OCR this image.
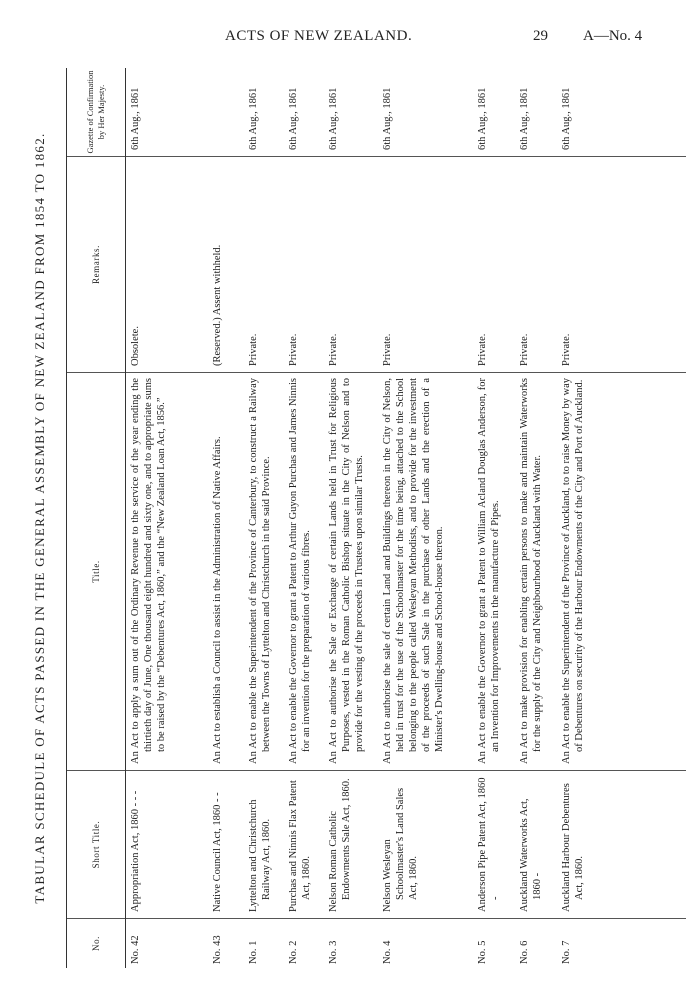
ACTS OF NEW ZEALAND.	29 A—No. 4
TABULAR SCHEDULE OF ACTS PASSED IN THE GENERAL ASSEMBLY OF NEW ZEALAND FROM 1854 TO 1862.
No.
Short Title.
Title.
Remarks.
Gazette of Confirmation by Her Majesty.
No. 42
Appropriation Act, 1860 - - -
An Act to apply a sum out of the Ordinary Revenue to the service of the year ending the thirtieth day of June, One thousand eight hundred and sixty one, and to appropriate sums to be raised by the “Debentures Act, 1860,” and the “New Zealand Loan Act, 1856.”
Obsolete.
6th Aug., 1861
No. 43
Native Council Act, 1860 - -
An Act to establish a Council to assist in the Administration of Native Affairs.
(Reserved.) Assent withheld.
No. 1
Lyttelton and Christchurch Railway Act, 1860.
An Act to enable the Superintendent of the Province of Canterbury, to construct a Railway between the Towns of Lyttelton and Christchurch in the said Province.
Private.
6th Aug., 1861
No. 2
Purchas and Ninnis Flax Patent Act, 1860.
An Act to enable the Governor to grant a Patent to Arthur Guyon Purchas and James Ninnis for an invention for the preparation of various fibres.
Private.
6th Aug., 1861
No. 3
Nelson Roman Catholic Endowments Sale Act, 1860.
An Act to authorise the Sale or Exchange of certain Lands held in Trust for Religious Purposes, vested in the Roman Catholic Bishop situate in the City of Nelson and to provide for the vesting of the proceeds in Trustees upon similar Trusts.
Private.
6th Aug., 1861
No. 4
Nelson Wesleyan Schoolmaster's Land Sales Act, 1860.
An Act to authorise the sale of certain Land and Buildings thereon in the City of Nelson, held in trust for the use of the Schoolmaster for the time being, attached to the School belonging to the people called Wesleyan Methodists, and to provide for the investment of the proceeds of such Sale in the purchase of other Lands and the erection of a Minister's Dwelling-house and School-house thereon.
Private.
6th Aug., 1861
No. 5
Anderson Pipe Patent Act, 1860 -
An Act to enable the Governor to grant a Patent to William Acland Douglas Anderson, for an Invention for Improvements in the manufacture of Pipes.
Private.
6th Aug., 1861
No. 6
Auckland Waterworks Act, 1860 -
An Act to make provision for enabling certain persons to make and maintain Waterworks for the supply of the City and Neighbourhood of Auckland with Water.
Private.
6th Aug., 1861
No. 7
Auckland Harbour Debentures Act, 1860.
An Act to enable the Superintendent of the Province of Auckland, to to raise Money by way of Debentures on security of the Harbour Endowments of the City and Port of Auckland.
Private.
6th Aug., 1861
